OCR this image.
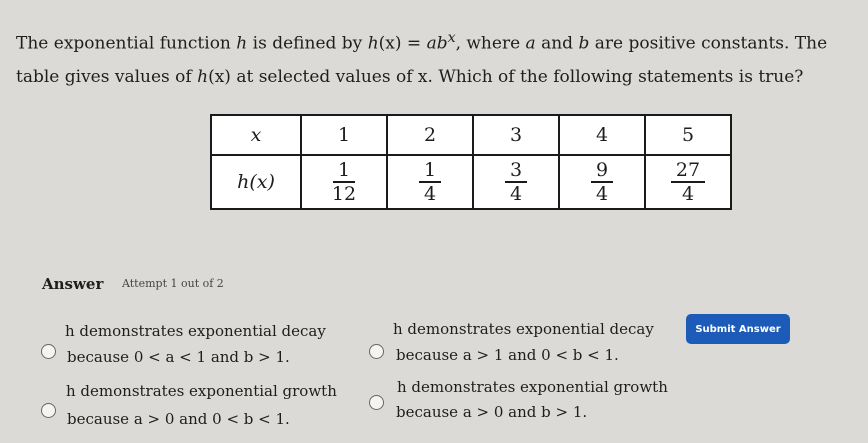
The exponential function h is defined by $h(x) = ab^x$, where a and b are positive constants. The table gives values of h(x) at selected values of x. Which of the following statements is true?
x	1	2	3	4	5
h(x)	$\frac{1}{12}$	$\frac{1}{4}$	$\frac{3}{4}$	$\frac{9}{4}$	$\frac{27}{4}$
Answer Attempt 1 out of 2
h demonstrates exponential decay
because 0 < a < 1 and b > 1.
h demonstrates exponential decay
because a > 1 and 0 < b < 1.
h demonstrates exponential growth
because a > 0 and 0 < b < 1.
h demonstrates exponential growth
because a > 0 and b > 1.
Submit Answer
